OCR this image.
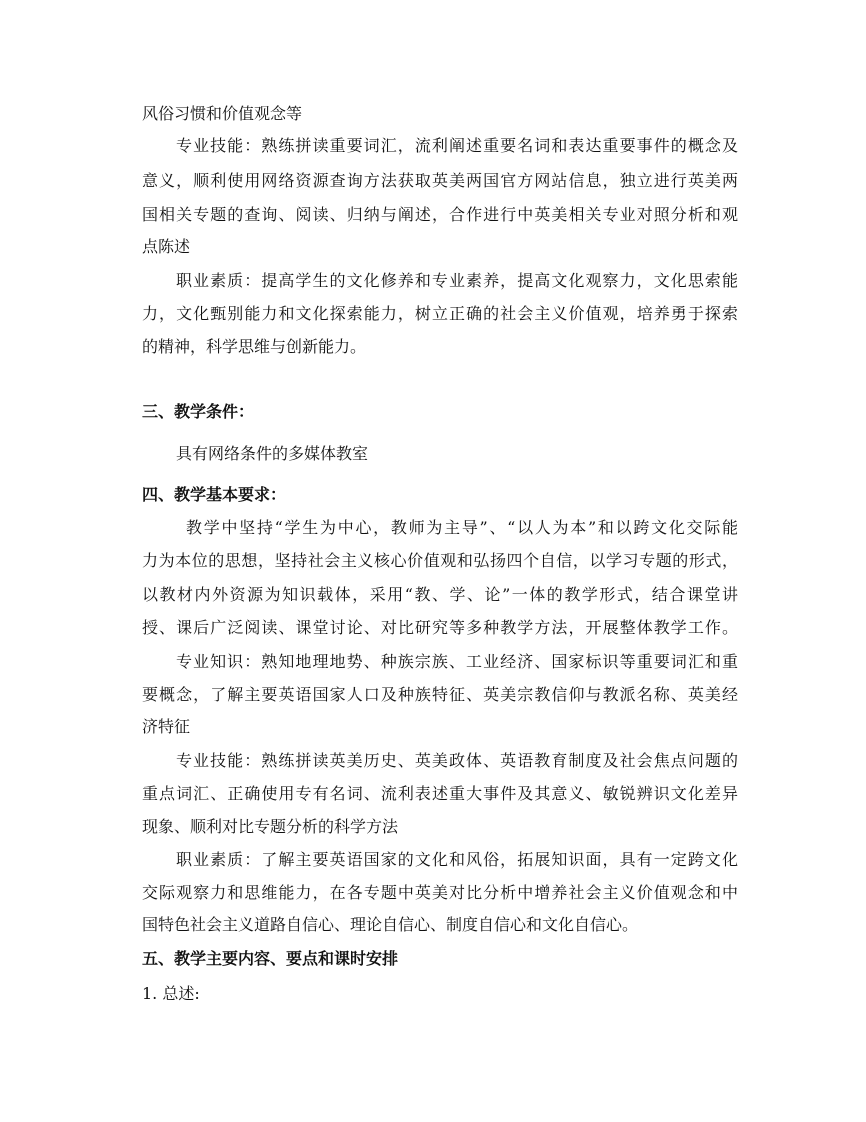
风俗习惯和价值观念等
专业技能：熟练拼读重要词汇，流利阐述重要名词和表达重要事件的概念及
意义，顺利使用网络资源查询方法获取英美两国官方网站信息，独立进行英美两
国相关专题的查询、阅读、归纳与阐述，合作进行中英美相关专业对照分析和观
点陈述
职业素质：提高学生的文化修养和专业素养，提高文化观察力，文化思索能
力，文化甄别能力和文化探索能力，树立正确的社会主义价值观，培养勇于探索
的精神，科学思维与创新能力。
三、教学条件：
具有网络条件的多媒体教室
四、教学基本要求：
教学中坚持“学生为中心，教师为主导”、“以人为本”和以跨文化交际能
力为本位的思想，坚持社会主义核心价值观和弘扬四个自信，以学习专题的形式，
以教材内外资源为知识载体，采用“教、学、论”一体的教学形式，结合课堂讲
授、课后广泛阅读、课堂讨论、对比研究等多种教学方法，开展整体教学工作。
专业知识：熟知地理地势、种族宗族、工业经济、国家标识等重要词汇和重
要概念，了解主要英语国家人口及种族特征、英美宗教信仰与教派名称、英美经
济特征
专业技能：熟练拼读英美历史、英美政体、英语教育制度及社会焦点问题的
重点词汇、正确使用专有名词、流利表述重大事件及其意义、敏锐辨识文化差异
现象、顺利对比专题分析的科学方法
职业素质：了解主要英语国家的文化和风俗，拓展知识面，具有一定跨文化
交际观察力和思维能力，在各专题中英美对比分析中增养社会主义价值观念和中
国特色社会主义道路自信心、理论自信心、制度自信心和文化自信心。
五、教学主要内容、要点和课时安排
1. 总述:
